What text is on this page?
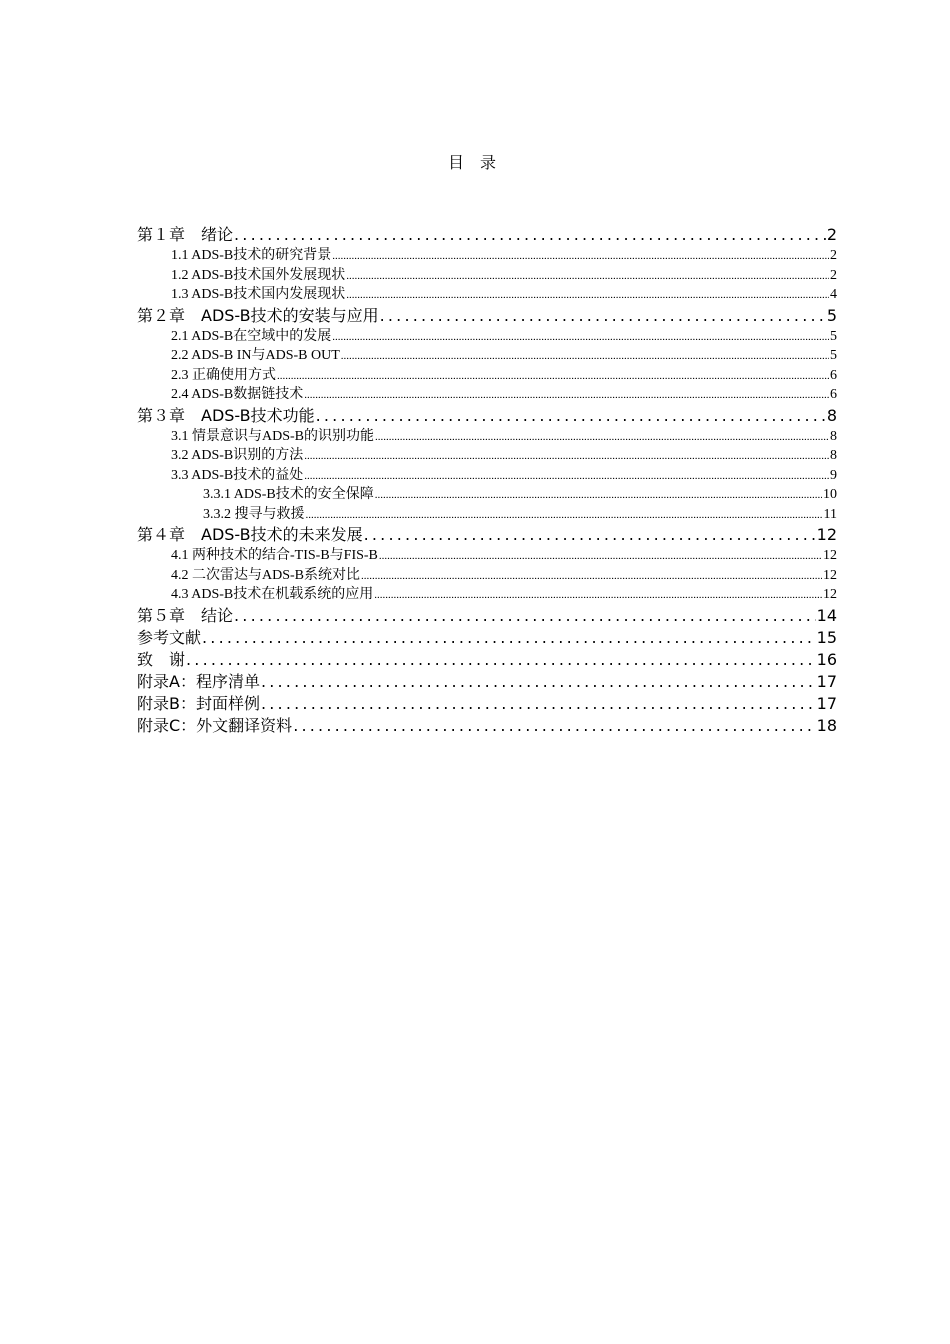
目 录
第１章　绪论 .....	2
1.1 ADS-B技术的研究背景 .....	2
1.2 ADS-B技术国外发展现状 .....	2
1.3 ADS-B技术国内发展现状 .....	4
第２章　ADS-B技术的安装与应用 .....	5
2.1 ADS-B在空域中的发展 .....	5
2.2 ADS-B IN与ADS-B OUT .....	5
2.3 正确使用方式 .....	6
2.4 ADS-B数据链技术 .....	6
第３章　ADS-B技术功能 .....	8
3.1 情景意识与ADS-B的识别功能 .....	8
3.2 ADS-B识别的方法 .....	8
3.3 ADS-B技术的益处 .....	9
3.3.1 ADS-B技术的安全保障 .....	10
3.3.2 搜寻与救援 .....	11
第４章　ADS-B技术的未来发展 .....	12
4.1 两种技术的结合-TIS-B与FIS-B .....	12
4.2 二次雷达与ADS-B系统对比 .....	12
4.3 ADS-B技术在机载系统的应用 .....	12
第５章　结论 .....	14
参考文献 .....	15
致　谢 .....	16
附录A：程序清单 .....	17
附录B：封面样例 .....	17
附录C：外文翻译资料 .....	18
